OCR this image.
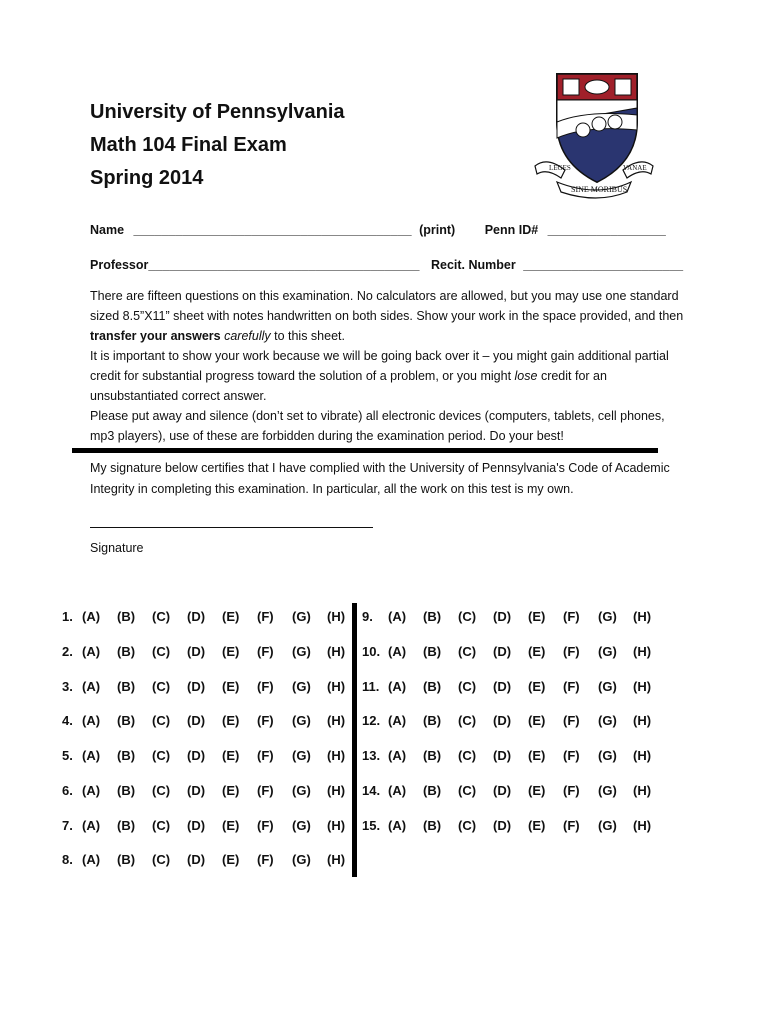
University of Pennsylvania
Math 104 Final Exam
Spring 2014	LEGES	VANAE
SINE MORIBUS
Name ________________________________________ (print) Penn ID# _________________
Professor_______________________________________ Recit. Number _______________________

There are fifteen questions on this examination. No calculators are allowed, but you may use one standard sized 8.5”X11” sheet with notes handwritten on both sides. Show your work in the space provided, and then transfer your answers carefully to this sheet.

It is important to show your work because we will be going back over it – you might gain additional partial credit for substantial progress toward the solution of a problem, or you might lose credit for an unsubstantiated correct answer.

Please put away and silence (don’t set to vibrate) all electronic devices (computers, tablets, cell phones, mp3 players), use of these are forbidden during the examination period. Do your best!

My signature below certifies that I have complied with the University of Pennsylvania's Code of Academic Integrity in completing this examination. In particular, all the work on this test is my own.
Signature
1. (A) (B) (C) (D) (E) (F) (G) (H)
2. (A) (B) (C) (D) (E) (F) (G) (H)
3. (A) (B) (C) (D) (E) (F) (G) (H)
4. (A) (B) (C) (D) (E) (F) (G) (H)
5. (A) (B) (C) (D) (E) (F) (G) (H)
6. (A) (B) (C) (D) (E) (F) (G) (H)
7. (A) (B) (C) (D) (E) (F) (G) (H)
8. (A) (B) (C) (D) (E) (F) (G) (H)
9. (A) (B) (C) (D) (E) (F) (G) (H)
10. (A) (B) (C) (D) (E) (F) (G) (H)
11. (A) (B) (C) (D) (E) (F) (G) (H)
12. (A) (B) (C) (D) (E) (F) (G) (H)
13. (A) (B) (C) (D) (E) (F) (G) (H)
14. (A) (B) (C) (D) (E) (F) (G) (H)
15. (A) (B) (C) (D) (E) (F) (G) (H)
